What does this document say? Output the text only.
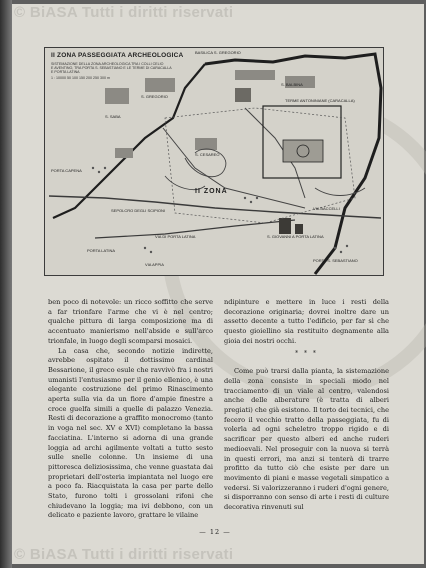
II ZONA PASSEGGIATA ARCHEOLOGICA
SISTEMAZIONE DELLA ZONA ARCHEOLOGICA TRA I COLLI CELIO
E AVENTINO, TRA PORTA S. SEBASTIANO E LE TERME DI CARACALLA
E PORTA LATINA
1 : 10000 50 100 150 200 250 300 m
BASILICA S. GREGORIO
TERME ANTONINIANE (CARACALLA)
S. BALBINA
S. GREGORIO
PORTA CAPENA
S. SABA
II ZONA
VIA BACCELLI
VIA DI PORTA LATINA
PORTA LATINA
SEPOLCRO DEGLI SCIPIONI
S. CESAREO
S. GIOVANNI A PORTA LATINA
PORTA S. SEBASTIANO
VIA APPIA

ben poco di notevole: un ricco soffitto che serve a far trionfare l'arme che vi è nel centro; qualche pittura di larga composizione ma di accentuato manierismo nell'abside e sull'arco trionfale, in luogo degli scomparsi mosaici.

La casa che, secondo notizie indirette, avrebbe ospitato il dottissimo cardinal Bessarione, il greco esule che ravvivò fra i nostri umanisti l'entusiasmo per il genio ellenico, è una elegante costruzione del primo Rinascimento aperta sulla via da un fiore d'ampie finestre a croce guelfa simili a quelle di palazzo Venezia. Resti di decorazione a graffito monocromo (tanto in voga nel sec. XV e XVI) completano la bassa facciatina. L'interno si adorna di una grande loggia ad archi agilmente voltati a tutto sesto sulle snelle colonne. Un insieme di una pittoresca deliziosissima, che venne guastata dai proprietari dell'osteria impiantata nel luogo ere a poco fa. Riacquistata la casa per parte dello Stato, furono tolti i grossolani rifoni che chiudevano la loggia; ma ivi debbono, con un delicato e paziente lavoro, grattare le vilaine

ndipinture e mettere in luce i resti della decorazione originaria; dovrei inoltre dare un assetto decente a tutto l'edificio, per far sì che questo gioiellino sia restituito degnamente alla gioia dei nostri occhi.

* * *

Come può trarsi dalla pianta, la sistemazione della zona consiste in speciali modo nel tracciamento di un viale al centro, valendosi anche delle alberature (è tratta di alberi pregiati) che già esistono. Il torto dei tecnici, che fecero il vecchio tratto della passeggiata, fu di volerla ad ogni scheletro troppo rigido e di sacrificar per questo alberi ed anche ruderi medioevali. Nel proseguir con la nuova si terrà in questi errori, ma anzi si tenterà di trarre profitto da tutto ciò che esiste per dare un movimento di piani e masse vegetali simpatico a vedersi. Si valorizzeranno i ruderi d'ogni genere, si disporranno con senso di arte i resti di culture decorativa rinvenuti sul

— 12 —
© BiASA Tutti i diritti riservati
© BiASA Tutti i diritti riservati
